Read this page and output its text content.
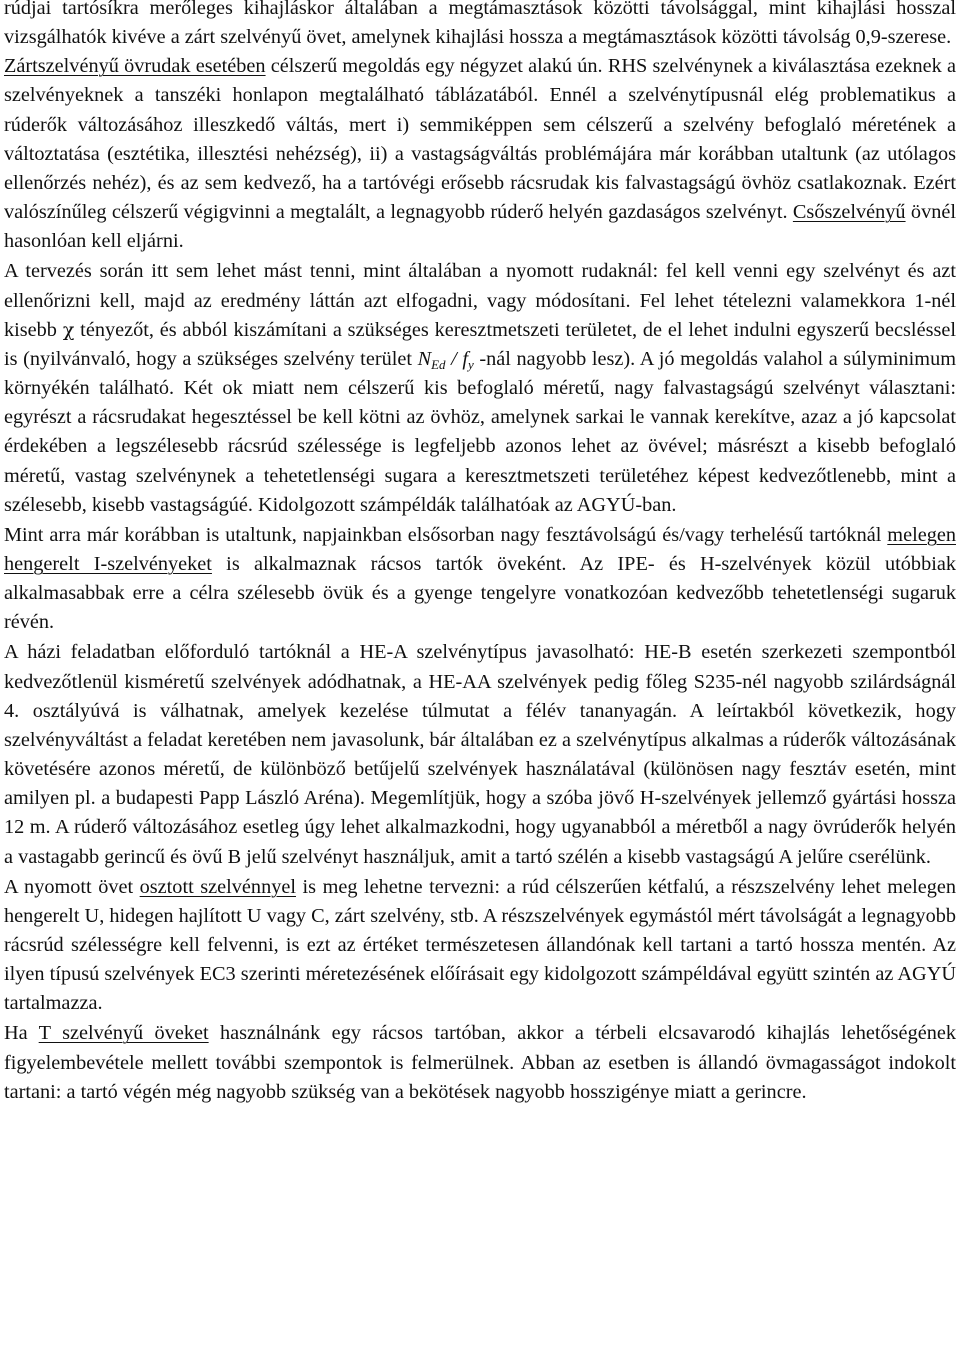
rúdjai tartósíkra merőleges kihajláskor általában a megtámasztások közötti távolsággal, mint kihajlási hosszal vizsgálhatók kivéve a zárt szelvényű övet, amelynek kihajlási hossza a megtámasztások közötti távolság 0,9-szerese.
Zártszelvényű övrudak esetében célszerű megoldás egy négyzet alakú ún. RHS szelvénynek a kiválasztása ezeknek a szelvényeknek a tanszéki honlapon megtalálható táblázatából. Ennél a szelvénytípusnál elég problematikus a rúderők változásához illeszkedő váltás, mert i) semmiképpen sem célszerű a szelvény befoglaló méretének a változtatása (esztétika, illesztési nehézség), ii) a vastagságváltás problémájára már korábban utaltunk (az utólagos ellenőrzés nehéz), és az sem kedvező, ha a tartóvégi erősebb rácsrudak kis falvastagságú övhöz csatlakoznak. Ezért valószínűleg célszerű végigvinni a megtalált, a legnagyobb rúderő helyén gazdaságos szelvényt. Csőszelvényű övnél hasonlóan kell eljárni.

A tervezés során itt sem lehet mást tenni, mint általában a nyomott rudaknál: fel kell venni egy szelvényt és azt ellenőrizni kell, majd az eredmény láttán azt elfogadni, vagy módosítani. Fel lehet tételezni valamekkora 1-nél kisebb χ tényezőt, és abból kiszámítani a szükséges keresztmetszeti területet, de el lehet indulni egyszerű becsléssel is (nyilvánvaló, hogy a szükséges szelvény terület $N_{Ed} / f_y$ -nál nagyobb lesz). A jó megoldás valahol a súlyminimum környékén található. Két ok miatt nem célszerű kis befoglaló méretű, nagy falvastagságú szelvényt választani: egyrészt a rácsrudakat hegesztéssel be kell kötni az övhöz, amelynek sarkai le vannak kerekítve, azaz a jó kapcsolat érdekében a legszélesebb rácsrúd szélessége is legfeljebb azonos lehet az övével; másrészt a kisebb befoglaló méretű, vastag szelvénynek a tehetetlenségi sugara a keresztmetszeti területéhez képest kedvezőtlenebb, mint a szélesebb, kisebb vastagságúé. Kidolgozott számpéldák találhatóak az AGYÚ-ban.

Mint arra már korábban is utaltunk, napjainkban elsősorban nagy fesztávolságú és/vagy terhelésű tartóknál melegen hengerelt I-szelvényeket is alkalmaznak rácsos tartók öveként. Az IPE- és H-szelvények közül utóbbiak alkalmasabbak erre a célra szélesebb övük és a gyenge tengelyre vonatkozóan kedvezőbb tehetetlenségi sugaruk révén.

A házi feladatban előforduló tartóknál a HE-A szelvénytípus javasolható: HE-B esetén szerkezeti szempontból kedvezőtlenül kisméretű szelvények adódhatnak, a HE-AA szelvények pedig főleg S235-nél nagyobb szilárdságnál 4. osztályúvá is válhatnak, amelyek kezelése túlmutat a félév tananyagán. A leírtakból következik, hogy szelvényváltást a feladat keretében nem javasolunk, bár általában ez a szelvénytípus alkalmas a rúderők változásának követésére azonos méretű, de különböző betűjelű szelvények használatával (különösen nagy fesztáv esetén, mint amilyen pl. a budapesti Papp László Aréna). Megemlítjük, hogy a szóba jövő H-szelvények jellemző gyártási hossza 12 m. A rúderő változásához esetleg úgy lehet alkalmazkodni, hogy ugyanabból a méretből a nagy övrúderők helyén a vastagabb gerincű és övű B jelű szelvényt használjuk, amit a tartó szélén a kisebb vastagságú A jelűre cserélünk.

A nyomott övet osztott szelvénnyel is meg lehetne tervezni: a rúd célszerűen kétfalú, a részszelvény lehet melegen hengerelt U, hidegen hajlított U vagy C, zárt szelvény, stb. A részszelvények egymástól mért távolságát a legnagyobb rácsrúd szélességre kell felvenni, is ezt az értéket természetesen állandónak kell tartani a tartó hossza mentén. Az ilyen típusú szelvények EC3 szerinti méretezésének előírásait egy kidolgozott számpéldával együtt szintén az AGYÚ tartalmazza.

Ha T szelvényű öveket használnánk egy rácsos tartóban, akkor a térbeli elcsavarodó kihajlás lehetőségének figyelembevétele mellett további szempontok is felmerülnek. Abban az esetben is állandó övmagasságot indokolt tartani: a tartó végén még nagyobb szükség van a bekötések nagyobb hosszigénye miatt a gerincre.
